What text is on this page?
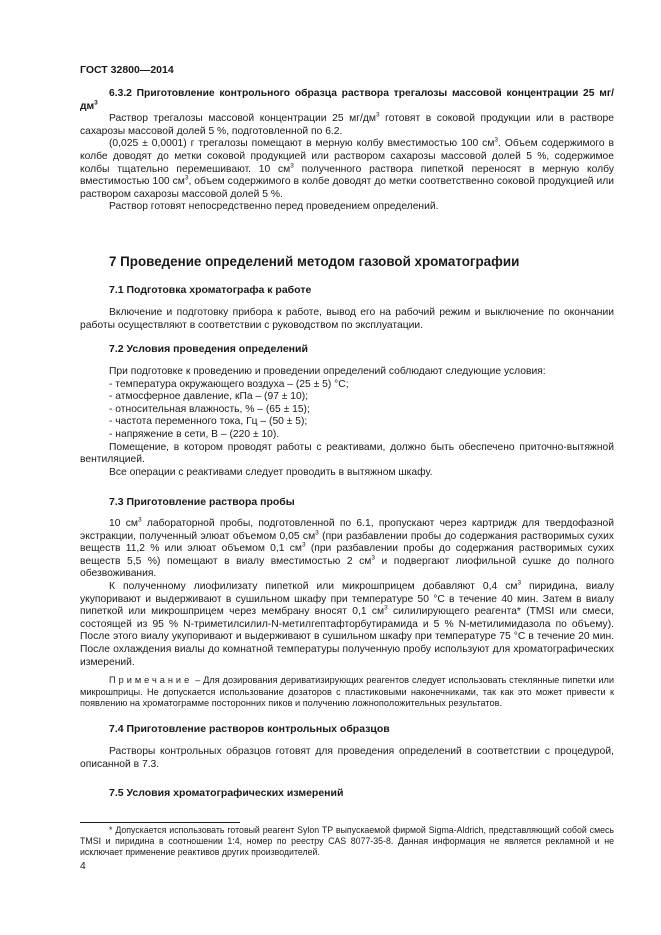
ГОСТ 32800—2014

6.3.2 Приготовление контрольного образца раствора трегалозы массовой концентрации 25 $мг/дм^3$

Раствор трегалозы массовой концентрации 25 $мг/дм^3$ готовят в соковой продукции или в растворе сахарозы массовой долей 5 %, подготовленной по 6.2.

(0,025 ± 0,0001) г трегалозы помещают в мерную колбу вместимостью 100 $см^3$. Объем содержимого в колбе доводят до метки соковой продукцией или раствором сахарозы массовой долей 5 %, содержимое колбы тщательно перемешивают. 10 $см^3$ полученного раствора пипеткой переносят в мерную колбу вместимостью 100 $см^3$, объем содержимого в колбе доводят до метки соответственно соковой продукцией или раствором сахарозы массовой долей 5 %.

Раствор готовят непосредственно перед проведением определений.

7 Проведение определений методом газовой хроматографии
7.1 Подготовка хроматографа к работе

Включение и подготовку прибора к работе, вывод его на рабочий режим и выключение по окончании работы осуществляют в соответствии с руководством по эксплуатации.

7.2 Условия проведения определений

При подготовке к проведению и проведении определений соблюдают следующие условия:

- температура окружающего воздуха – (25 ± 5) °С;
- атмосферное давление, кПа – (97 ± 10);
- относительная влажность, % – (65 ± 15);
- частота переменного тока, Гц – (50 ± 5);
- напряжение в сети, В – (220 ± 10).

Помещение, в котором проводят работы с реактивами, должно быть обеспечено приточно-вытяжной вентиляцией.

Все операции с реактивами следует проводить в вытяжном шкафу.

7.3 Приготовление раствора пробы

10 $см^3$ лабораторной пробы, подготовленной по 6.1, пропускают через картридж для твердофазной экстракции, полученный элюат объемом 0,05 $см^3$ (при разбавлении пробы до содержания растворимых сухих веществ 11,2 % или элюат объемом 0,1 $см^3$ (при разбавлении пробы до содержания растворимых сухих веществ 5,5 %) помещают в виалу вместимостью 2 $см^3$ и подвергают лиофильной сушке до полного обезвоживания.

К полученному лиофилизату пипеткой или микрошприцем добавляют 0,4 $см^3$ пиридина, виалу укупоривают и выдерживают в сушильном шкафу при температуре 50 °С в течение 40 мин. Затем в виалу пипеткой или микрошприцем через мембрану вносят 0,1 $см^3$ силилирующего реагента* (TMSI или смеси, состоящей из 95 % N-триметилсилил-N-метилгептафторбутирамида и 5 % N-метилимидазола по объему). После этого виалу укупоривают и выдерживают в сушильном шкафу при температуре 75 °С в течение 20 мин. После охлаждения виалы до комнатной температуры полученную пробу используют для хроматографических измерений.

Примечание – Для дозирования дериватизирующих реагентов следует использовать стеклянные пипетки или микрошприцы. Не допускается использование дозаторов с пластиковыми наконечниками, так как это может привести к появлению на хроматограмме посторонних пиков и получению ложноположительных результатов.

7.4 Приготовление растворов контрольных образцов

Растворы контрольных образцов готовят для проведения определений в соответствии с процедурой, описанной в 7.3.

7.5 Условия хроматографических измерений

* Допускается использовать готовый реагент Sylon TP выпускаемой фирмой Sigma-Aldrich, представляющий собой смесь TMSI и пиридина в соотношении 1:4, номер по реестру CAS 8077-35-8. Данная информация не является рекламной и не исключает применение реактивов других производителей.

4
